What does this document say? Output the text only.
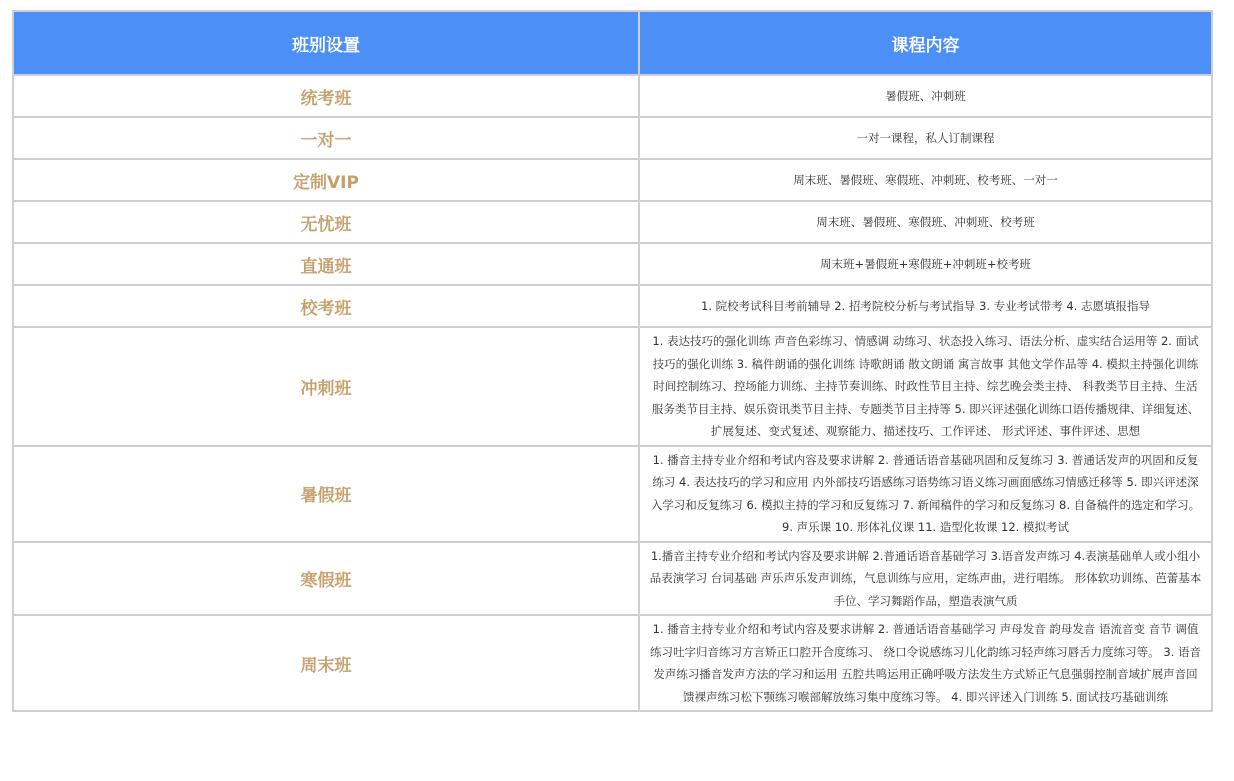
班别设置	课程内容
统考班	暑假班、冲刺班
一对一	一对一课程，私人订制课程
定制VIP	周末班、暑假班、寒假班、冲刺班、校考班、一对一
无忧班	周末班、暑假班、寒假班、冲刺班、校考班
直通班	周末班+暑假班+寒假班+冲刺班+校考班
校考班	1. 院校考试科目考前辅导 2. 招考院校分析与考试指导 3. 专业考试带考 4. 志愿填报指导
冲刺班	1. 表达技巧的强化训练 声音色彩练习、情感调 动练习、状态投入练习、语法分析、虚实结合运用等 2. 面试技巧的强化训练 3. 稿件朗诵的强化训练 诗歌朗诵 散文朗诵 寓言故事 其他文学作品等 4. 模拟主持强化训练 时间控制练习、控场能力训练、主持节奏训练、时政性节目主持、综艺晚会类主持、 科教类节目主持、生活服务类节目主持、娱乐资讯类节目主持、专题类节目主持等 5. 即兴评述强化训练口语传播规律、详细复述、扩展复述、变式复述、观察能力、描述技巧、工作评述、 形式评述、事件评述、思想
暑假班	1. 播音主持专业介绍和考试内容及要求讲解 2. 普通话语音基础巩固和反复练习 3. 普通话发声的巩固和反复练习 4. 表达技巧的学习和应用 内外部技巧语感练习语势练习语义练习画面感练习情感迁移等 5. 即兴评述深入学习和反复练习 6. 模拟主持的学习和反复练习 7. 新闻稿件的学习和反复练习 8. 自备稿件的选定和学习。 9. 声乐课 10. 形体礼仪课 11. 造型化妆课 12. 模拟考试
寒假班	1.播音主持专业介绍和考试内容及要求讲解 2.普通话语音基础学习 3.语音发声练习 4.表演基础单人或小组小品表演学习 台词基础 声乐声乐发声训练，气息训练与应用，定练声曲，进行唱练。 形体软功训练、芭蕾基本手位、学习舞蹈作品，塑造表演气质
周末班	1. 播音主持专业介绍和考试内容及要求讲解 2. 普通话语音基础学习 声母发音 韵母发音 语流音变 音节 调值练习吐字归音练习方言矫正口腔开合度练习、 绕口令说感练习儿化韵练习轻声练习唇舌力度练习等。 3. 语音发声练习播音发声方法的学习和运用 五腔共鸣运用正确呼吸方法发生方式矫正气息强弱控制音域扩展声音回馈裸声练习松下颚练习喉部解放练习集中度练习等。 4. 即兴评述入门训练 5. 面试技巧基础训练
